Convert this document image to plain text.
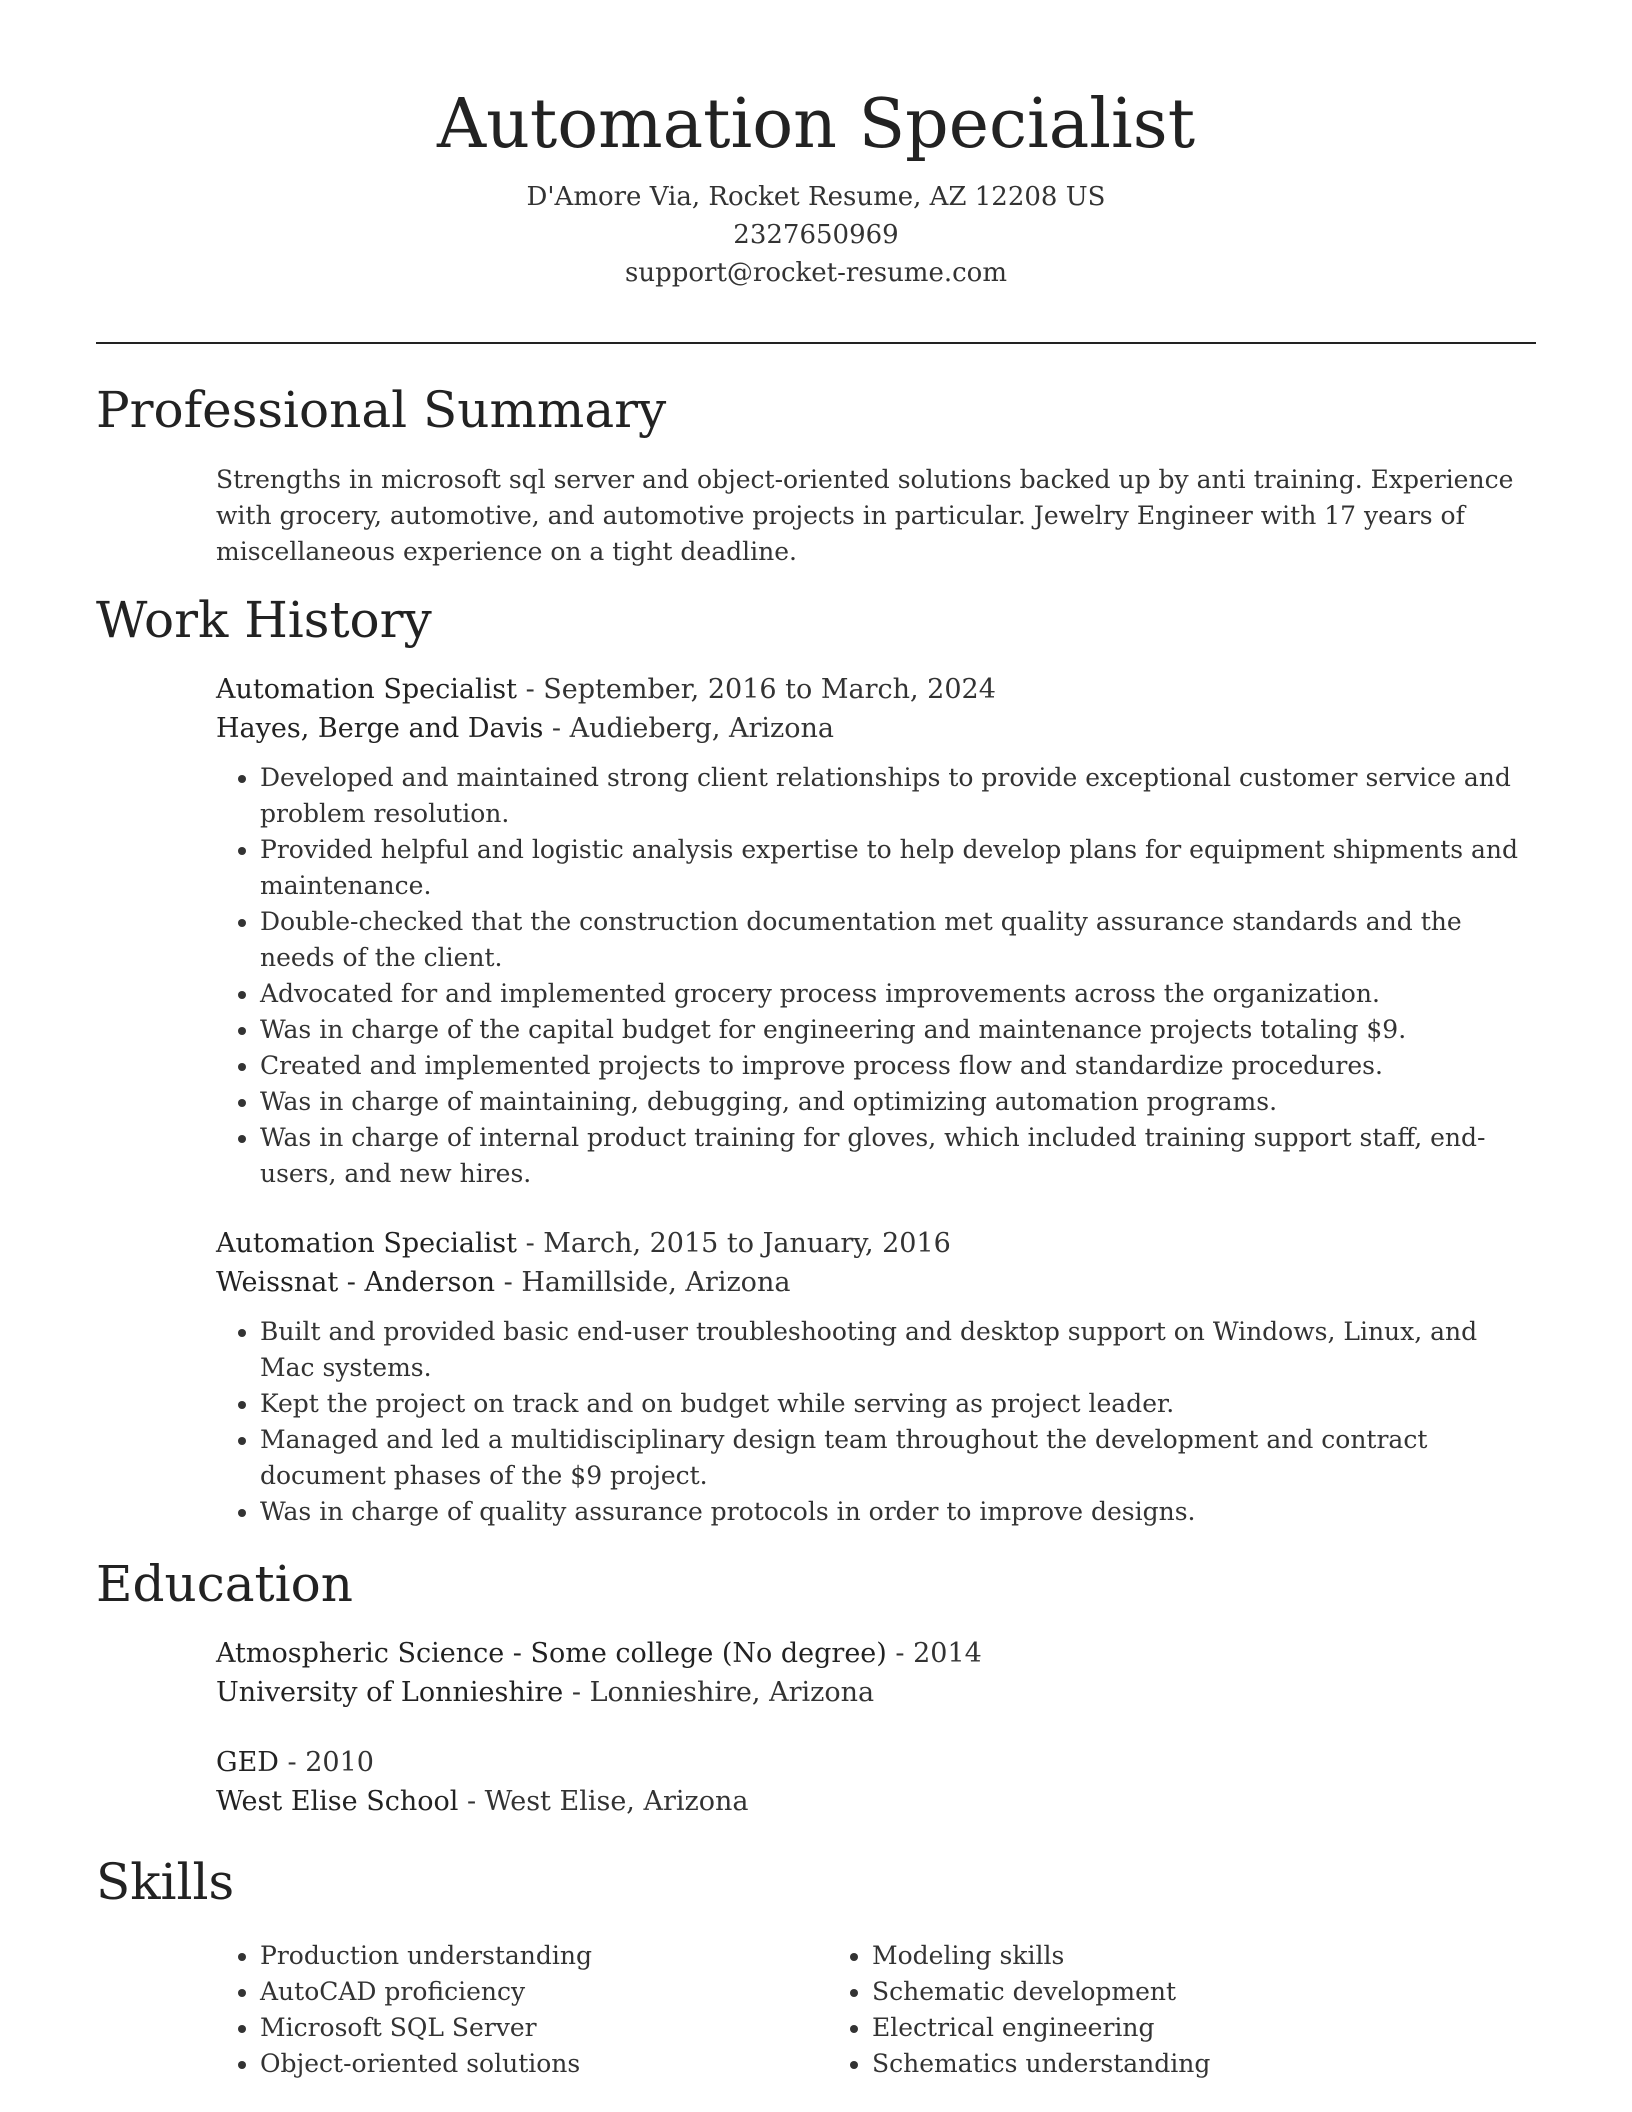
Automation Specialist
D'Amore Via, Rocket Resume, AZ 12208 US
2327650969
support@rocket-resume.com
Professional Summary
Strengths in microsoft sql server and object-oriented solutions backed up by anti training. Experience with grocery, automotive, and automotive projects in particular. Jewelry Engineer with 17 years of miscellaneous experience on a tight deadline.
Work History
Automation Specialist - September, 2016 to March, 2024
Hayes, Berge and Davis - Audieberg, Arizona
• Developed and maintained strong client relationships to provide exceptional customer service and problem resolution.
• Provided helpful and logistic analysis expertise to help develop plans for equipment shipments and maintenance.
• Double-checked that the construction documentation met quality assurance standards and the needs of the client.
• Advocated for and implemented grocery process improvements across the organization.
• Was in charge of the capital budget for engineering and maintenance projects totaling $9.
• Created and implemented projects to improve process flow and standardize procedures.
• Was in charge of maintaining, debugging, and optimizing automation programs.
• Was in charge of internal product training for gloves, which included training support staff, end-users, and new hires.
Automation Specialist - March, 2015 to January, 2016
Weissnat - Anderson - Hamillside, Arizona
• Built and provided basic end-user troubleshooting and desktop support on Windows, Linux, and Mac systems.
• Kept the project on track and on budget while serving as project leader.
• Managed and led a multidisciplinary design team throughout the development and contract document phases of the $9 project.
• Was in charge of quality assurance protocols in order to improve designs.
Education
Atmospheric Science - Some college (No degree) - 2014
University of Lonnieshire - Lonnieshire, Arizona
GED - 2010
West Elise School - West Elise, Arizona
Skills
• Production understanding
• AutoCAD proficiency
• Microsoft SQL Server
• Object-oriented solutions
• Modeling skills
• Schematic development
• Electrical engineering
• Schematics understanding
